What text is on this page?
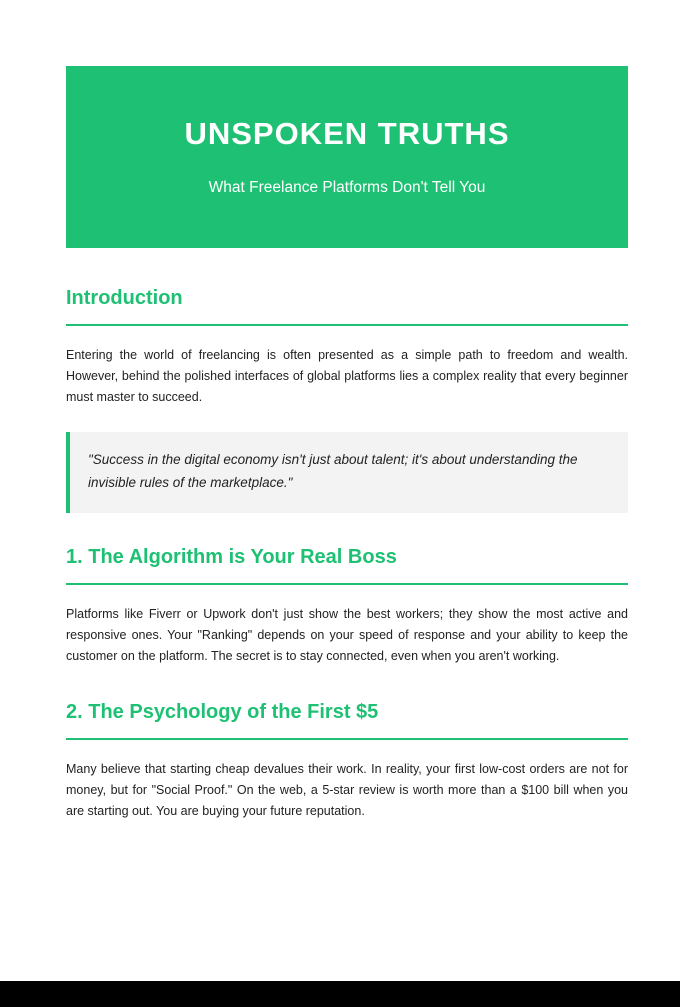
UNSPOKEN TRUTHS

What Freelance Platforms Don't Tell You

Introduction

Entering the world of freelancing is often presented as a simple path to freedom and wealth. However, behind the polished interfaces of global platforms lies a complex reality that every beginner must master to succeed.

"Success in the digital economy isn't just about talent; it's about understanding the invisible rules of the marketplace."
1. The Algorithm is Your Real Boss

Platforms like Fiverr or Upwork don't just show the best workers; they show the most active and responsive ones. Your "Ranking" depends on your speed of response and your ability to keep the customer on the platform. The secret is to stay connected, even when you aren't working.

2. The Psychology of the First $5

Many believe that starting cheap devalues their work. In reality, your first low-cost orders are not for money, but for "Social Proof." On the web, a 5-star review is worth more than a $100 bill when you are starting out. You are buying your future reputation.
